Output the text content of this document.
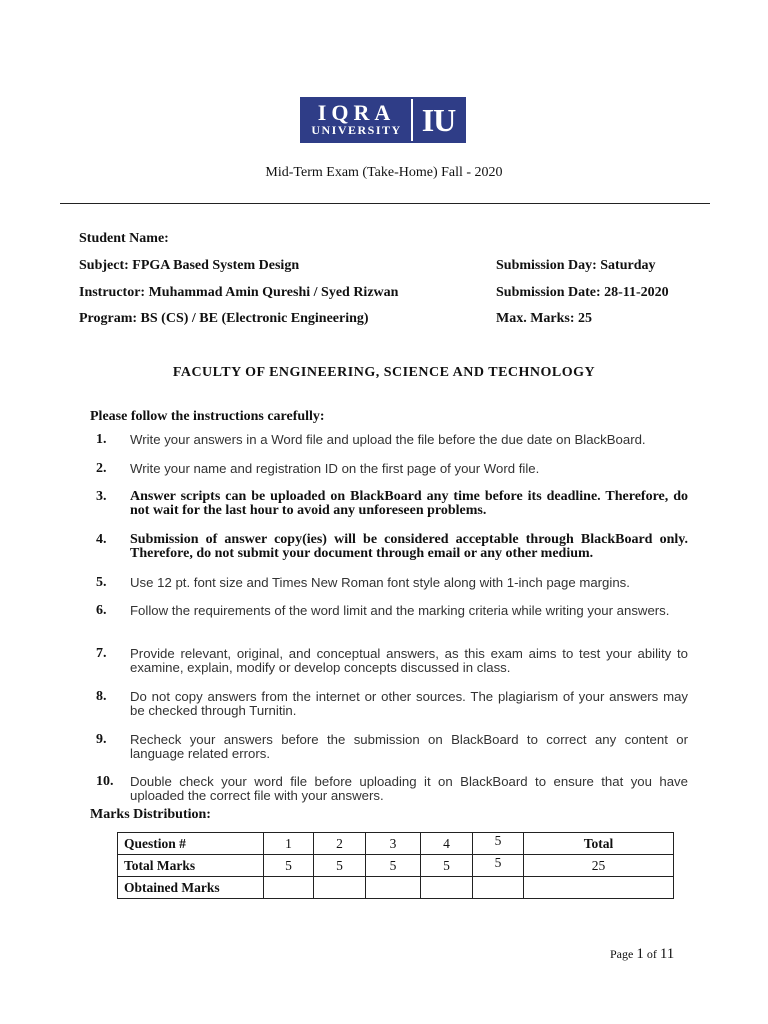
IQRA
UNIVERSITY IU
Mid-Term Exam (Take-Home) Fall - 2020
Student Name:
Subject: FPGA Based System Design
Instructor: Muhammad Amin Qureshi / Syed Rizwan
Program: BS (CS) / BE (Electronic Engineering)
Submission Day: Saturday
Submission Date: 28-11-2020
Max. Marks: 25
FACULTY OF ENGINEERING, SCIENCE AND TECHNOLOGY
Please follow the instructions carefully:
1. Write your answers in a Word file and upload the file before the due date on BlackBoard.
2. Write your name and registration ID on the first page of your Word file.
3. Answer scripts can be uploaded on BlackBoard any time before its deadline. Therefore, do not wait for the last hour to avoid any unforeseen problems.
4. Submission of answer copy(ies) will be considered acceptable through BlackBoard only. Therefore, do not submit your document through email or any other medium.
5. Use 12 pt. font size and Times New Roman font style along with 1-inch page margins.
6. Follow the requirements of the word limit and the marking criteria while writing your answers.
7. Provide relevant, original, and conceptual answers, as this exam aims to test your ability to examine, explain, modify or develop concepts discussed in class.
8. Do not copy answers from the internet or other sources. The plagiarism of your answers may be checked through Turnitin.
9. Recheck your answers before the submission on BlackBoard to correct any content or language related errors.
10. Double check your word file before uploading it on BlackBoard to ensure that you have uploaded the correct file with your answers.
Marks Distribution:
Question #	1	2	3	4	5	Total
Total Marks	5	5	5	5	5	25
Obtained Marks						
Page 1 of 11
